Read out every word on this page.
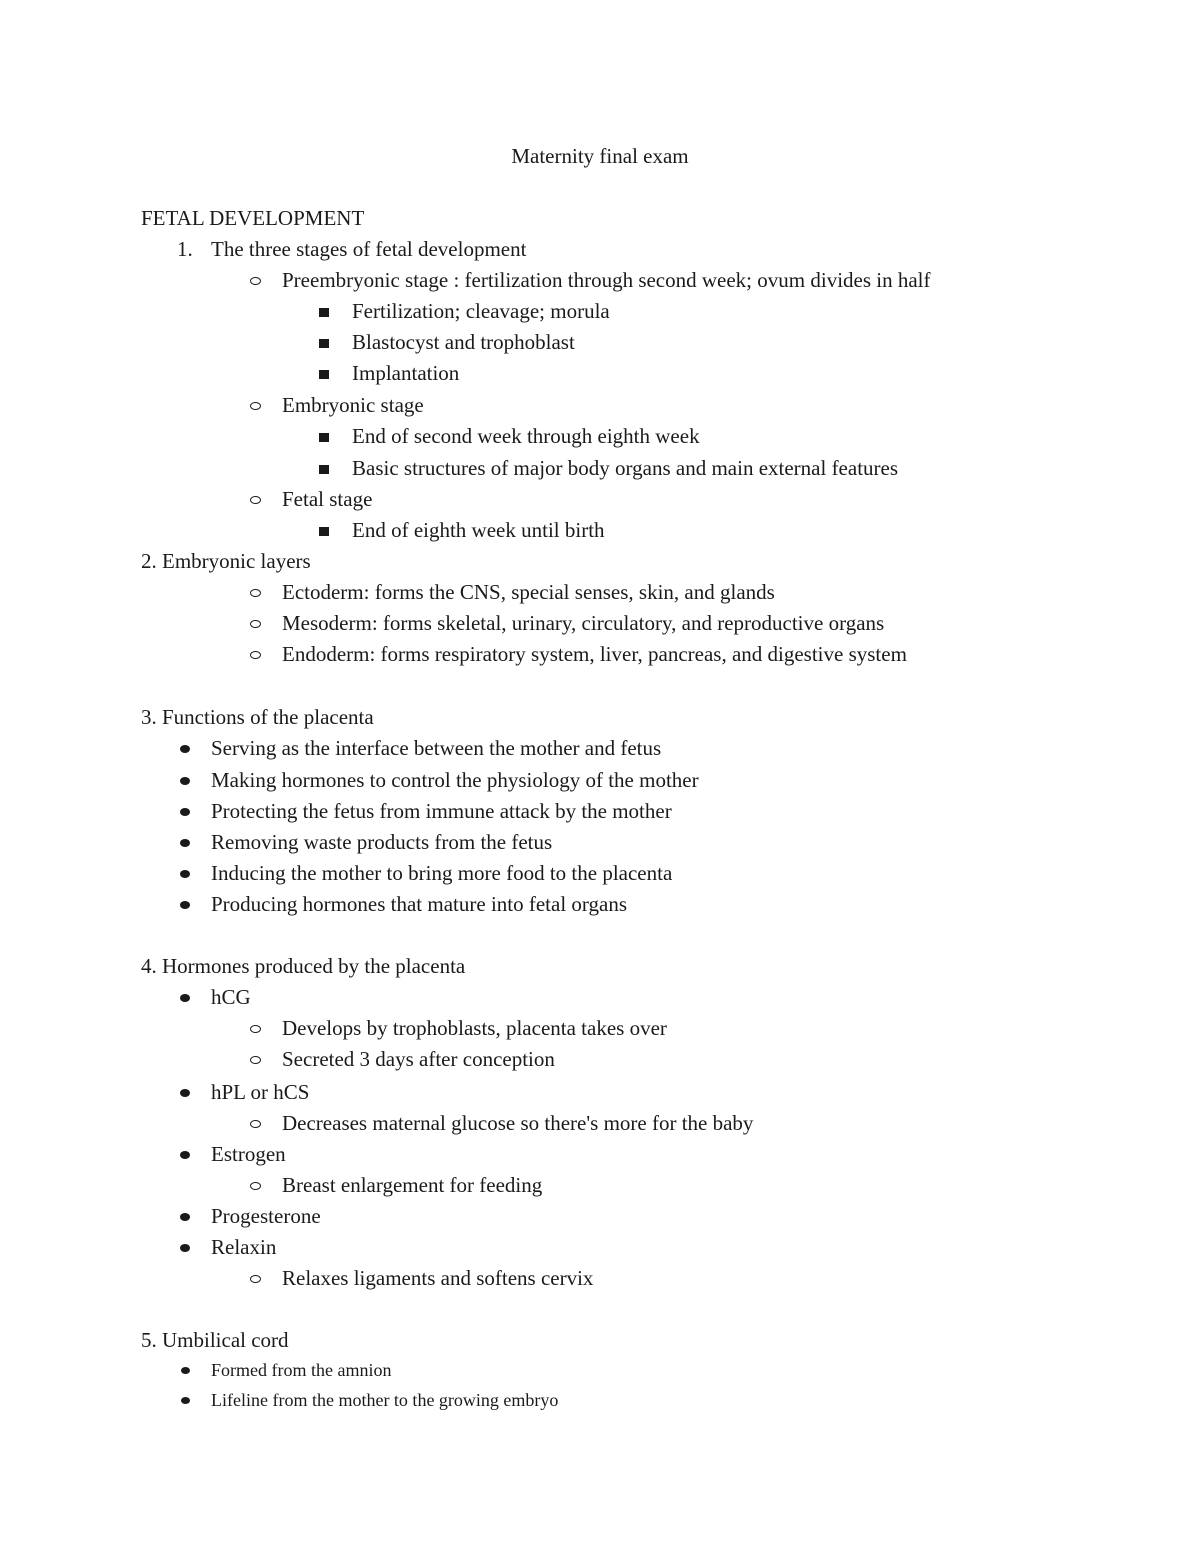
Maternity final exam
FETAL DEVELOPMENT
1. The three stages of fetal development
Preembryonic stage : fertilization through second week; ovum divides in half
Fertilization; cleavage; morula
Blastocyst and trophoblast
Implantation
Embryonic stage
End of second week through eighth week
Basic structures of major body organs and main external features
Fetal stage
End of eighth week until birth
2. Embryonic layers
Ectoderm: forms the CNS, special senses, skin, and glands
Mesoderm: forms skeletal, urinary, circulatory, and reproductive organs
Endoderm: forms respiratory system, liver, pancreas, and digestive system
3. Functions of the placenta
Serving as the interface between the mother and fetus
Making hormones to control the physiology of the mother
Protecting the fetus from immune attack by the mother
Removing waste products from the fetus
Inducing the mother to bring more food to the placenta
Producing hormones that mature into fetal organs
4. Hormones produced by the placenta
hCG
Develops by trophoblasts, placenta takes over
Secreted 3 days after conception
hPL or hCS
Decreases maternal glucose so there's more for the baby
Estrogen
Breast enlargement for feeding
Progesterone
Relaxin
Relaxes ligaments and softens cervix
5. Umbilical cord
Formed from the amnion
Lifeline from the mother to the growing embryo
